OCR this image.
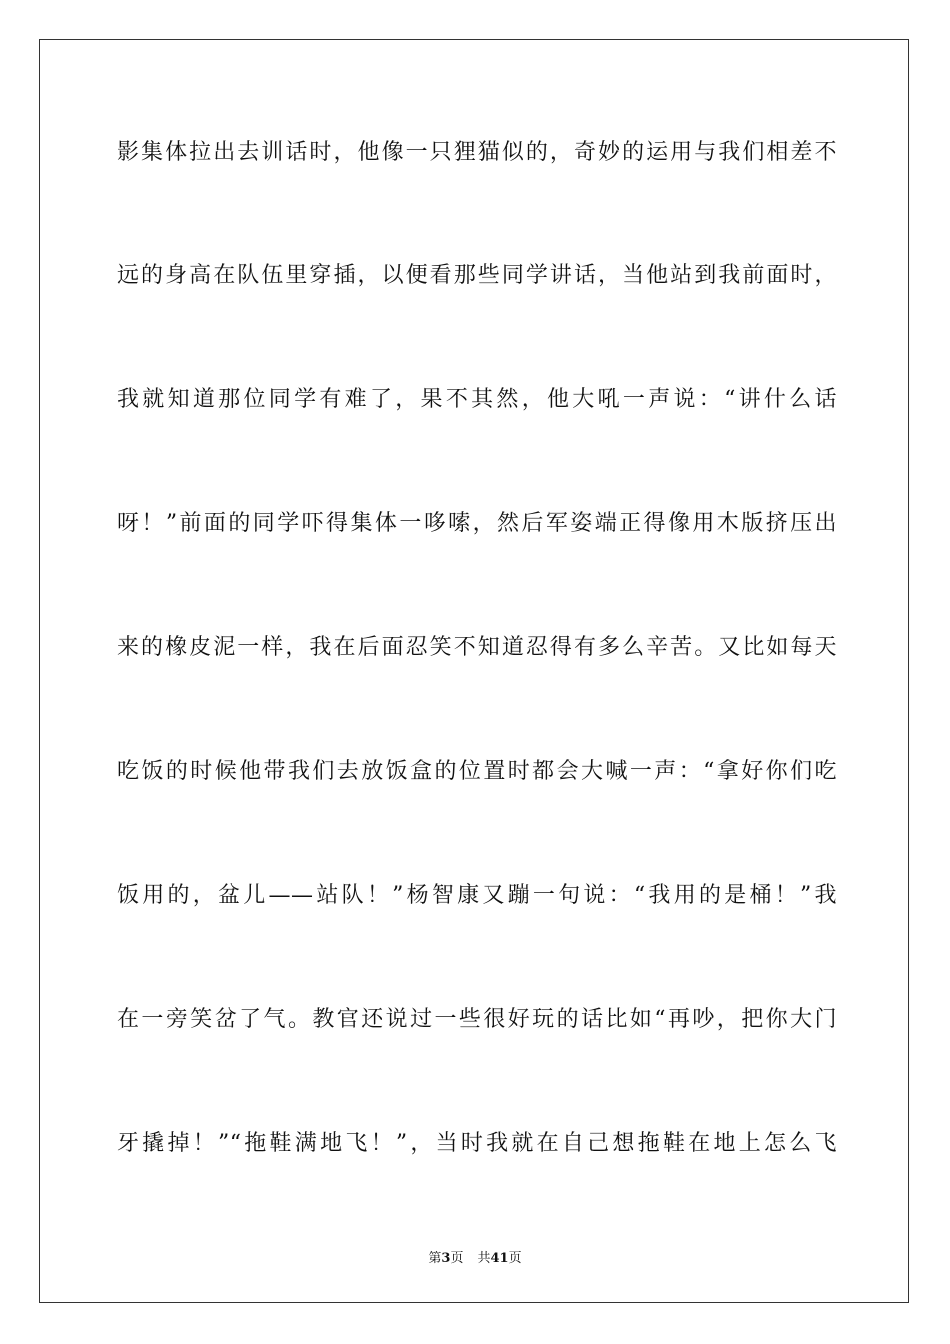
影集体拉出去训话时，他像一只狸猫似的，奇妙的运用与我们相差不
远的身高在队伍里穿插，以便看那些同学讲话，当他站到我前面时，
我就知道那位同学有难了，果不其然，他大吼一声说：“讲什么话
呀！”前面的同学吓得集体一哆嗦，然后军姿端正得像用木版挤压出
来的橡皮泥一样，我在后面忍笑不知道忍得有多么辛苦。又比如每天
吃饭的时候他带我们去放饭盒的位置时都会大喊一声：“拿好你们吃
饭用的，盆儿——站队！”杨智康又蹦一句说：“我用的是桶！”我
在一旁笑岔了气。教官还说过一些很好玩的话比如“再吵，把你大门
牙撬掉！”“拖鞋满地飞！”，当时我就在自己想拖鞋在地上怎么飞
第3页 共41页
